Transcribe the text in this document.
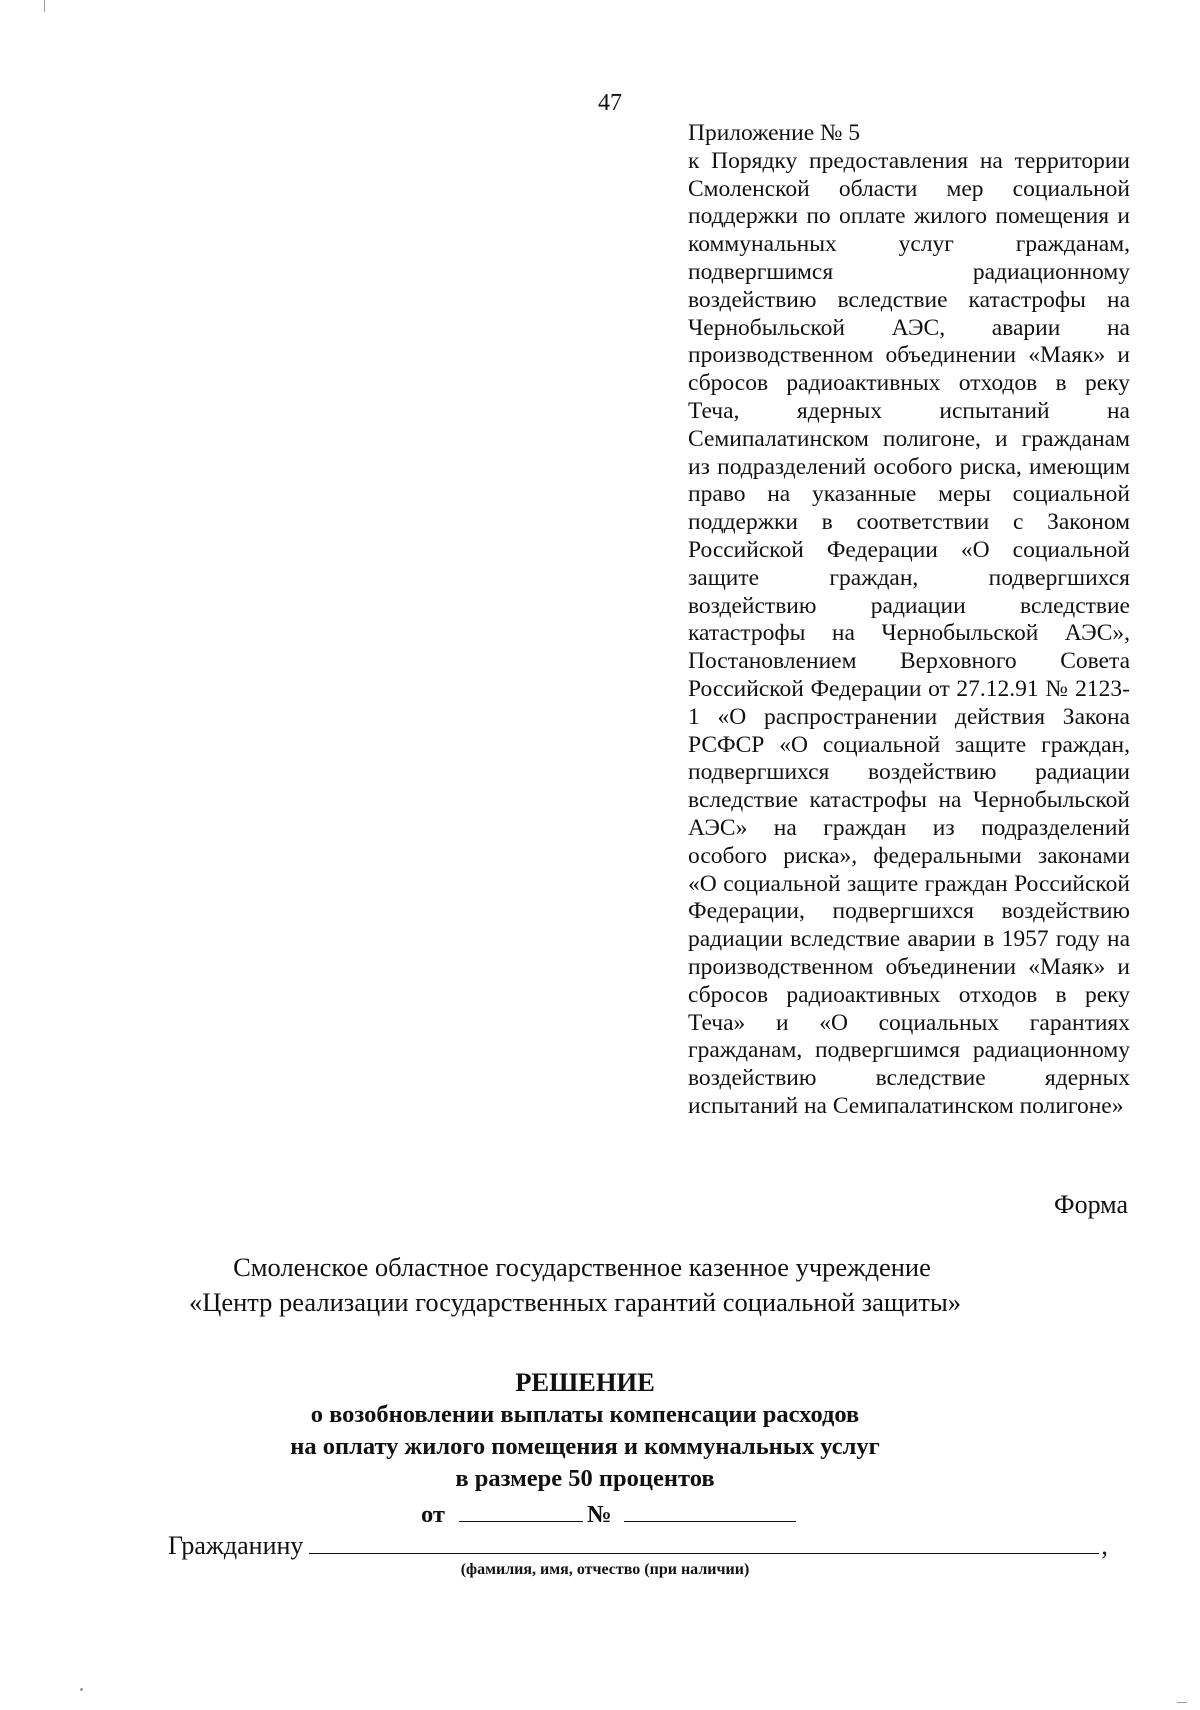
47
Приложение № 5
к Порядку предоставления на территории Смоленской области мер социальной поддержки по оплате жилого помещения и коммунальных услуг гражданам, подвергшимся радиационному воздействию вследствие катастрофы на Чернобыльской АЭС, аварии на производственном объединении «Маяк» и сбросов радиоактивных отходов в реку Теча, ядерных испытаний на Семипалатинском полигоне, и гражданам из подразделений особого риска, имеющим право на указанные меры социальной поддержки в соответствии с Законом Российской Федерации «О социальной защите граждан, подвергшихся воздействию радиации вследствие катастрофы на Чернобыльской АЭС», Постановлением Верховного Совета Российской Федерации от 27.12.91 № 2123-1 «О распространении действия Закона РСФСР «О социальной защите граждан, подвергшихся воздействию радиации вследствие катастрофы на Чернобыльской АЭС» на граждан из подразделений особого риска», федеральными законами «О социальной защите граждан Российской Федерации, подвергшихся воздействию радиации вследствие аварии в 1957 году на производственном объединении «Маяк» и сбросов радиоактивных отходов в реку Теча» и «О социальных гарантиях гражданам, подвергшимся радиационному воздействию вследствие ядерных испытаний на Семипалатинском полигоне»
Форма
Смоленское областное государственное казенное учреждение
«Центр реализации государственных гарантий социальной защиты»
РЕШЕНИЕ
о возобновлении выплаты компенсации расходов
на оплату жилого помещения и коммунальных услуг
в размере 50 процентов
от	№
Гражданину	,
(фамилия, имя, отчество (при наличии)
